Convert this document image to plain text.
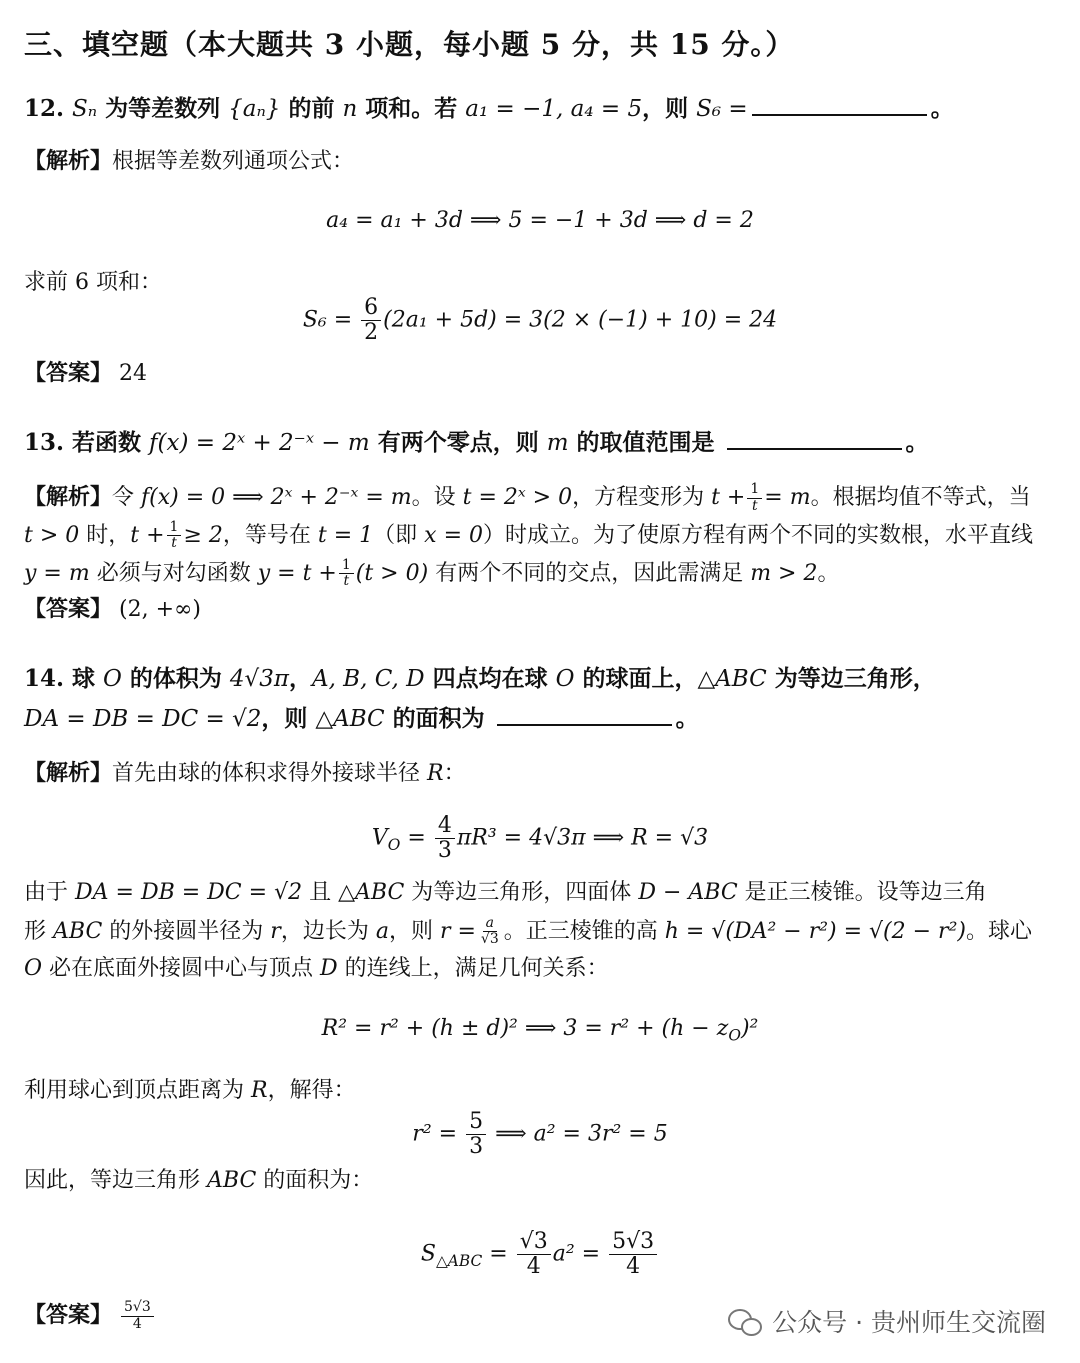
三、填空题（本大题共 3 小题，每小题 5 分，共 15 分。）
12. Sₙ 为等差数列 {aₙ} 的前 n 项和。若 a₁ = −1, a₄ = 5，则 S₆ =	。
【解析】根据等差数列通项公式：
a₄ = a₁ + 3d ⟹ 5 = −1 + 3d ⟹ d = 2
求前 6 项和：
$S_6 = \frac{6}{2} (2a_1 + 5d) = 3(2 \times (-1) + 10) = 24$
【答案】 24
13. 若函数 f(x) = 2ˣ + 2⁻ˣ − m 有两个零点，则 m 的取值范围是	。
【解析】令 f(x) = 0 ⟹ 2ˣ + 2⁻ˣ = m。设 t = 2ˣ > 0，方程变形为 $t + \frac{1}{t} = m$。根据均值不等式，当
t > 0 时，$t + \frac{1}{t} \ge 2$，等号在 t = 1（即 x = 0）时成立。为了使原方程有两个不同的实数根，水平直线
y = m 必须与对勾函数 $y = t + \frac{1}{t} (t > 0)$ 有两个不同的交点，因此需满足 m > 2。
【答案】 (2, +∞)
14. 球 O 的体积为 4√3π，A, B, C, D 四点均在球 O 的球面上，△ABC 为等边三角形，
DA = DB = DC = √2，则 △ABC 的面积为	。
【解析】首先由球的体积求得外接球半径 R：
$V_O = \frac{4}{3} \pi R^3 = 4√3\pi$ ⟹ R = √3
由于 DA = DB = DC = √2 且 △ABC 为等边三角形，四面体 D − ABC 是正三棱锥。设等边三角
形 ABC 的外接圆半径为 r，边长为 a，则 $r = \frac{a}{√3}$ 。正三棱锥的高 h = √(DA² − r²) = √(2 − r²)。球心
O 必在底面外接圆中心与顶点 D 的连线上，满足几何关系：
R² = r² + (h ± d)² ⟹ $3 = r^2 + (h - z_O)^2$
利用球心到顶点距离为 R，解得：
$r^2 = \frac{5}{3}$ ⟹ a² = 3r² = 5
因此，等边三角形 ABC 的面积为：
$S_{\triangle ABC} = \frac{√3}{4} a^2 = \frac{5√3}{4}$
【答案】 $\frac{5√3}{4}$	公众号 · 贵州师生交流圈
